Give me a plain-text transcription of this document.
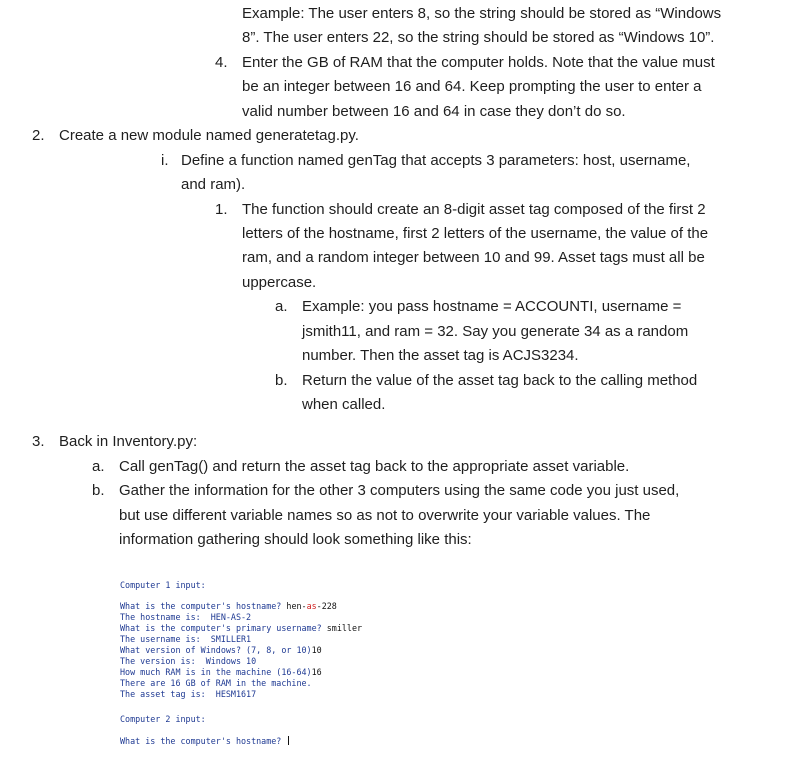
Example: The user enters 8, so the string should be stored as “Windows
8”. The user enters 22, so the string should be stored as “Windows 10”.
4. Enter the GB of RAM that the computer holds. Note that the value must
be an integer between 16 and 64. Keep prompting the user to enter a
valid number between 16 and 64 in case they don’t do so.
2. Create a new module named generatetag.py.
i. Define a function named genTag that accepts 3 parameters: host, username,
and ram).
1. The function should create an 8-digit asset tag composed of the first 2
letters of the hostname, first 2 letters of the username, the value of the
ram, and a random integer between 10 and 99. Asset tags must all be
uppercase.
a. Example: you pass hostname = ACCOUNTI, username =
jsmith11, and ram = 32. Say you generate 34 as a random
number. Then the asset tag is ACJS3234.
b. Return the value of the asset tag back to the calling method
when called.
3. Back in Inventory.py:
a. Call genTag() and return the asset tag back to the appropriate asset variable.
b. Gather the information for the other 3 computers using the same code you just used,
but use different variable names so as not to overwrite your variable values. The
information gathering should look something like this:
Computer 1 input:
What is the computer's hostname? hen-as-228
The hostname is:  HEN-AS-2
What is the computer's primary username? smiller
The username is:  SMILLER1
What version of Windows? (7, 8, or 10)10
The version is:  Windows 10
How much RAM is in the machine (16-64)16
There are 16 GB of RAM in the machine.
The asset tag is:  HESM1617
Computer 2 input:
What is the computer's hostname?
